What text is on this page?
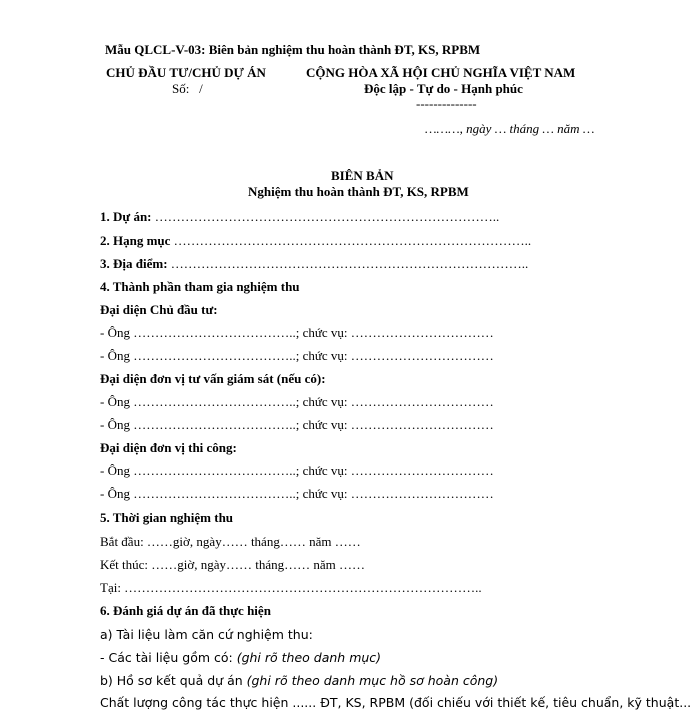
Mẫu QLCL-V-03: Biên bản nghiệm thu hoàn thành ĐT, KS, RPBM
CHỦ ĐẦU TƯ/CHỦ DỰ ÁN
Số:   /
CỘNG HÒA XÃ HỘI CHỦ NGHĨA VIỆT NAM
Độc lập - Tự do - Hạnh phúc
--------------
………, ngày … tháng … năm …
BIÊN BẢN
Nghiệm thu hoàn thành ĐT, KS, RPBM
1. Dự án: ……………………………………………………………………..
2. Hạng mục ………………………………………………………………………..
3. Địa điểm: ………………………………………………………………………..
4. Thành phần tham gia nghiệm thu
Đại diện Chủ đầu tư:
- Ông ………………………………..; chức vụ: ……………………………
- Ông ………………………………..; chức vụ: ……………………………
Đại diện đơn vị tư vấn giám sát (nếu có):
- Ông ………………………………..; chức vụ: ……………………………
- Ông ………………………………..; chức vụ: ……………………………
Đại diện đơn vị thi công:
- Ông ………………………………..; chức vụ: ……………………………
- Ông ………………………………..; chức vụ: ……………………………
5. Thời gian nghiệm thu
Bắt đầu: ……giờ, ngày…… tháng…… năm ……
Kết thúc: ……giờ, ngày…… tháng…… năm ……
Tại: ………………………………………………………………………..
6. Đánh giá dự án đã thực hiện
a) Tài liệu làm căn cứ nghiệm thu:
- Các tài liệu gồm có: (ghi rõ theo danh mục)
b) Hồ sơ kết quả dự án (ghi rõ theo danh mục hồ sơ hoàn công)
Chất lượng công tác thực hiện ...... ĐT, KS, RPBM (đối chiếu với thiết kế, tiêu chuẩn, kỹ thuật...
